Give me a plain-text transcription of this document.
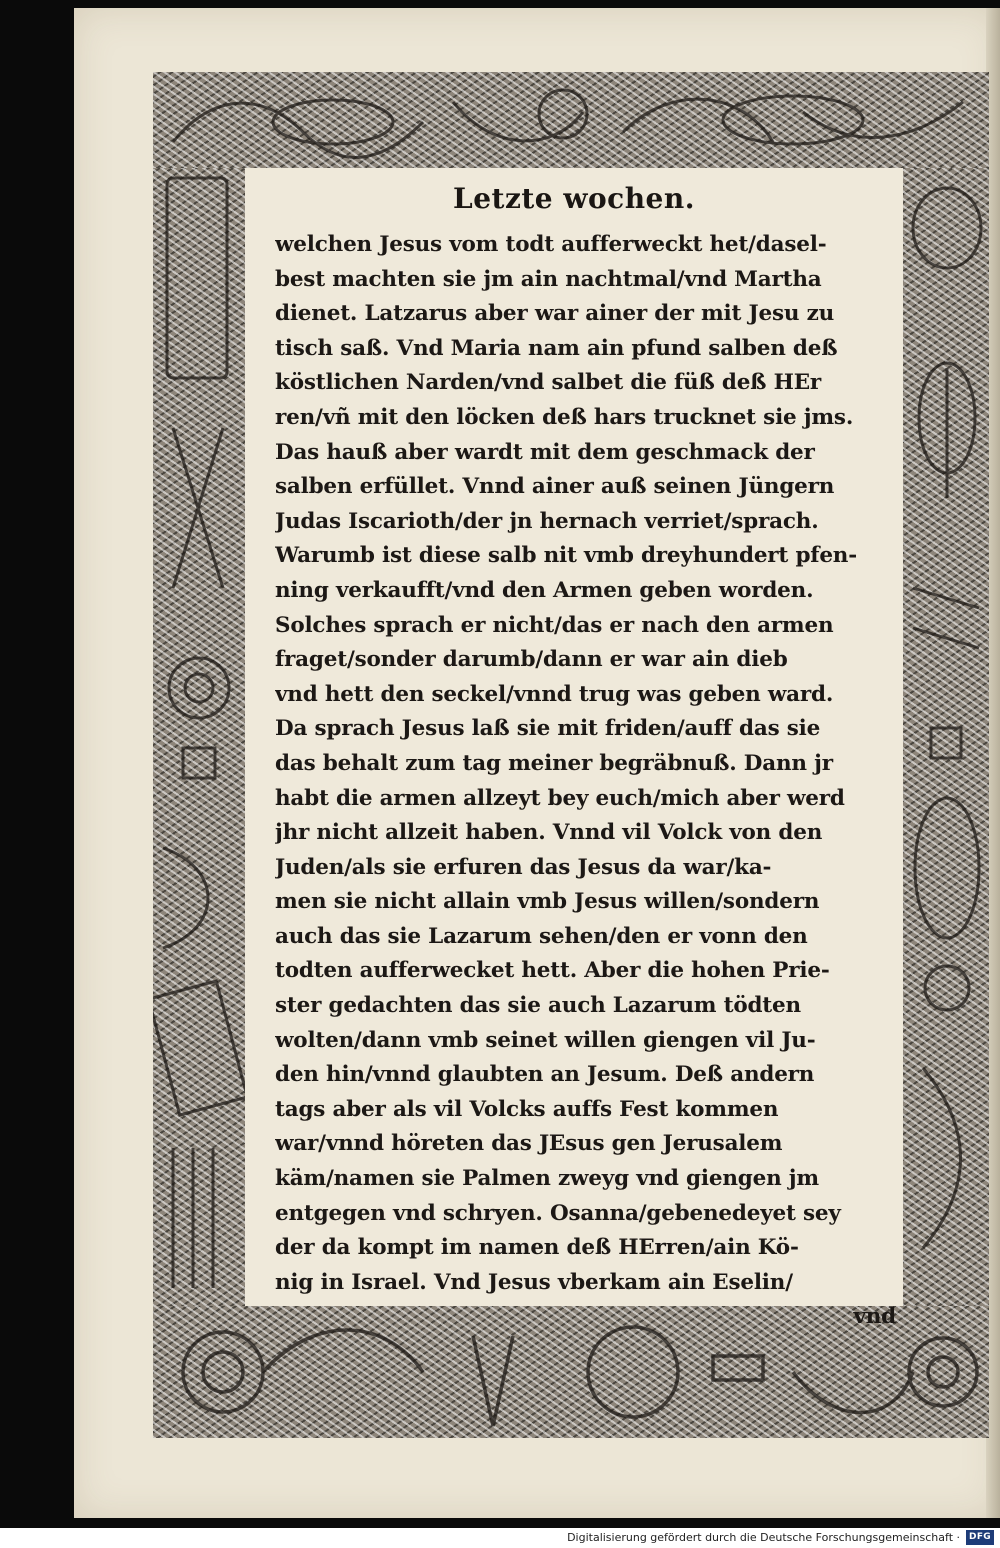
Letzte wochen.
welchen Jesus vom todt aufferweckt het/dasel-
best machten sie jm ain nachtmal/vnd Martha
dienet. Latzarus aber war ainer der mit Jesu zu
tisch saß. Vnd Maria nam ain pfund salben deß
köstlichen Narden/vnd salbet die füß deß HEr
ren/vñ mit den löcken deß hars trucknet sie jms.
Das hauß aber wardt mit dem geschmack der
salben erfüllet. Vnnd ainer auß seinen Jüngern
Judas Iscarioth/der jn hernach verriet/sprach.
Warumb ist diese salb nit vmb dreyhundert pfen-
ning verkaufft/vnd den Armen geben worden.
Solches sprach er nicht/das er nach den armen
fraget/sonder darumb/dann er war ain dieb
vnd hett den seckel/vnnd trug was geben ward.
Da sprach Jesus laß sie mit friden/auff das sie
das behalt zum tag meiner begräbnuß. Dann jr
habt die armen allzeyt bey euch/mich aber werd
jhr nicht allzeit haben. Vnnd vil Volck von den
Juden/als sie erfuren das Jesus da war/ka-
men sie nicht allain vmb Jesus willen/sondern
auch das sie Lazarum sehen/den er vonn den
todten aufferwecket hett. Aber die hohen Prie-
ster gedachten das sie auch Lazarum tödten
wolten/dann vmb seinet willen giengen vil Ju-
den hin/vnnd glaubten an Jesum. Deß andern
tags aber als vil Volcks auffs Fest kommen
war/vnnd höreten das JEsus gen Jerusalem
käm/namen sie Palmen zweyg vnd giengen jm
entgegen vnd schryen. Osanna/gebenedeyet sey
der da kompt im namen deß HErren/ain Kö-
nig in Israel. Vnd Jesus vberkam ain Eselin/
vnd
Digitalisierung gefördert durch die Deutsche Forschungsgemeinschaft ·	DFG
